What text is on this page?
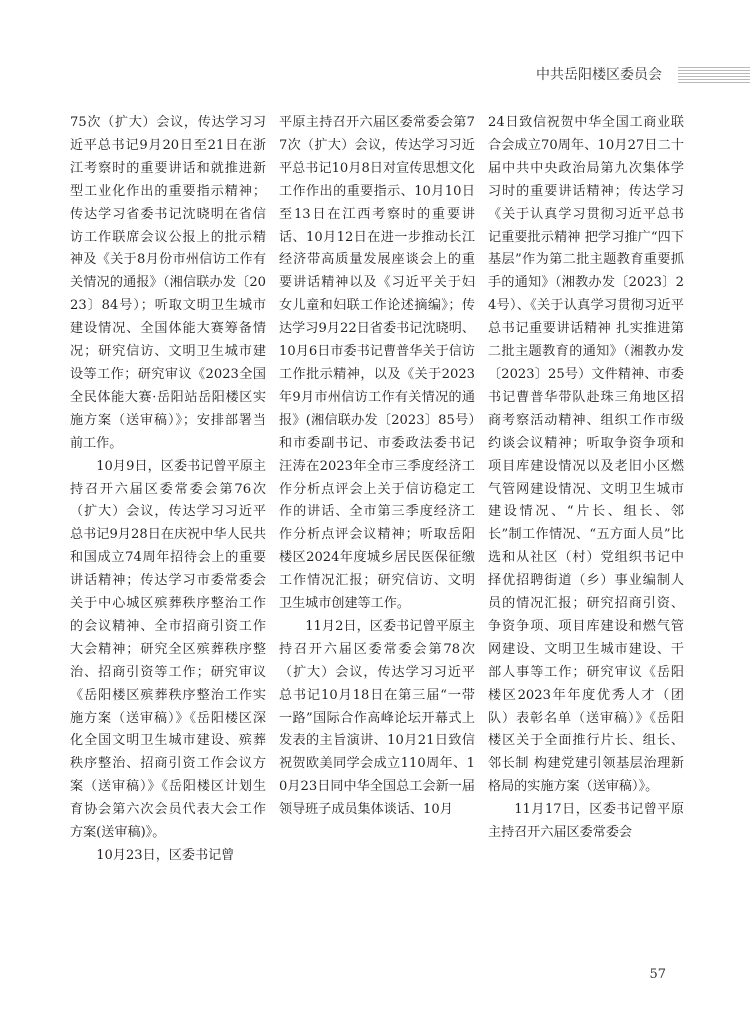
中共岳阳楼区委员会

75次（扩大）会议，传达学习习近平总书记9月20日至21日在浙江考察时的重要讲话和就推进新型工业化作出的重要指示精神；传达学习省委书记沈晓明在省信访工作联席会议公报上的批示精神及《关于8月份市州信访工作有关情况的通报》（湘信联办发〔2023〕84号）；听取文明卫生城市建设情况、全国体能大赛筹备情况；研究信访、文明卫生城市建设等工作；研究审议《2023全国全民体能大赛·岳阳站岳阳楼区实施方案（送审稿）》；安排部署当前工作。

10月9日，区委书记曾平原主持召开六届区委常委会第76次（扩大）会议，传达学习习近平总书记9月28日在庆祝中华人民共和国成立74周年招待会上的重要讲话精神；传达学习市委常委会关于中心城区殡葬秩序整治工作的会议精神、全市招商引资工作大会精神；研究全区殡葬秩序整治、招商引资等工作；研究审议《岳阳楼区殡葬秩序整治工作实施方案（送审稿）》《岳阳楼区深化全国文明卫生城市建设、殡葬秩序整治、招商引资工作会议方案（送审稿）》《岳阳楼区计划生育协会第六次会员代表大会工作方案(送审稿)》。

10月23日，区委书记曾

平原主持召开六届区委常委会第77次（扩大）会议，传达学习习近平总书记10月8日对宣传思想文化工作作出的重要指示、10月10日至13日在江西考察时的重要讲话、10月12日在进一步推动长江经济带高质量发展座谈会上的重要讲话精神以及《习近平关于妇女儿童和妇联工作论述摘编》；传达学习9月22日省委书记沈晓明、10月6日市委书记曹普华关于信访工作批示精神，以及《关于2023年9月市州信访工作有关情况的通报》(湘信联办发〔2023〕85号）和市委副书记、市委政法委书记汪涛在2023年全市三季度经济工作分析点评会上关于信访稳定工作的讲话、全市第三季度经济工作分析点评会议精神；听取岳阳楼区2024年度城乡居民医保征缴工作情况汇报；研究信访、文明卫生城市创建等工作。

11月2日，区委书记曾平原主持召开六届区委常委会第78次（扩大）会议，传达学习习近平总书记10月18日在第三届“一带一路”国际合作高峰论坛开幕式上发表的主旨演讲、10月21日致信祝贺欧美同学会成立110周年、10月23日同中华全国总工会新一届领导班子成员集体谈话、10月

24日致信祝贺中华全国工商业联合会成立70周年、10月27日二十届中共中央政治局第九次集体学习时的重要讲话精神；传达学习《关于认真学习贯彻习近平总书记重要批示精神 把学习推广“四下基层”作为第二批主题教育重要抓手的通知》（湘教办发〔2023〕24号）、《关于认真学习贯彻习近平总书记重要讲话精神 扎实推进第二批主题教育的通知》（湘教办发〔2023〕25号）文件精神、市委书记曹普华带队赴珠三角地区招商考察活动精神、组织工作市级约谈会议精神；听取争资争项和项目库建设情况以及老旧小区燃气管网建设情况、文明卫生城市建设情况、“片长、组长、邻长”制工作情况、“五方面人员”比选和从社区（村）党组织书记中择优招聘街道（乡）事业编制人员的情况汇报；研究招商引资、争资争项、项目库建设和燃气管网建设、文明卫生城市建设、干部人事等工作；研究审议《岳阳楼区2023年年度优秀人才（团队）表彰名单（送审稿）》《岳阳楼区关于全面推行片长、组长、邻长制 构建党建引领基层治理新格局的实施方案（送审稿）》。

11月17日，区委书记曾平原主持召开六届区委常委会

57
